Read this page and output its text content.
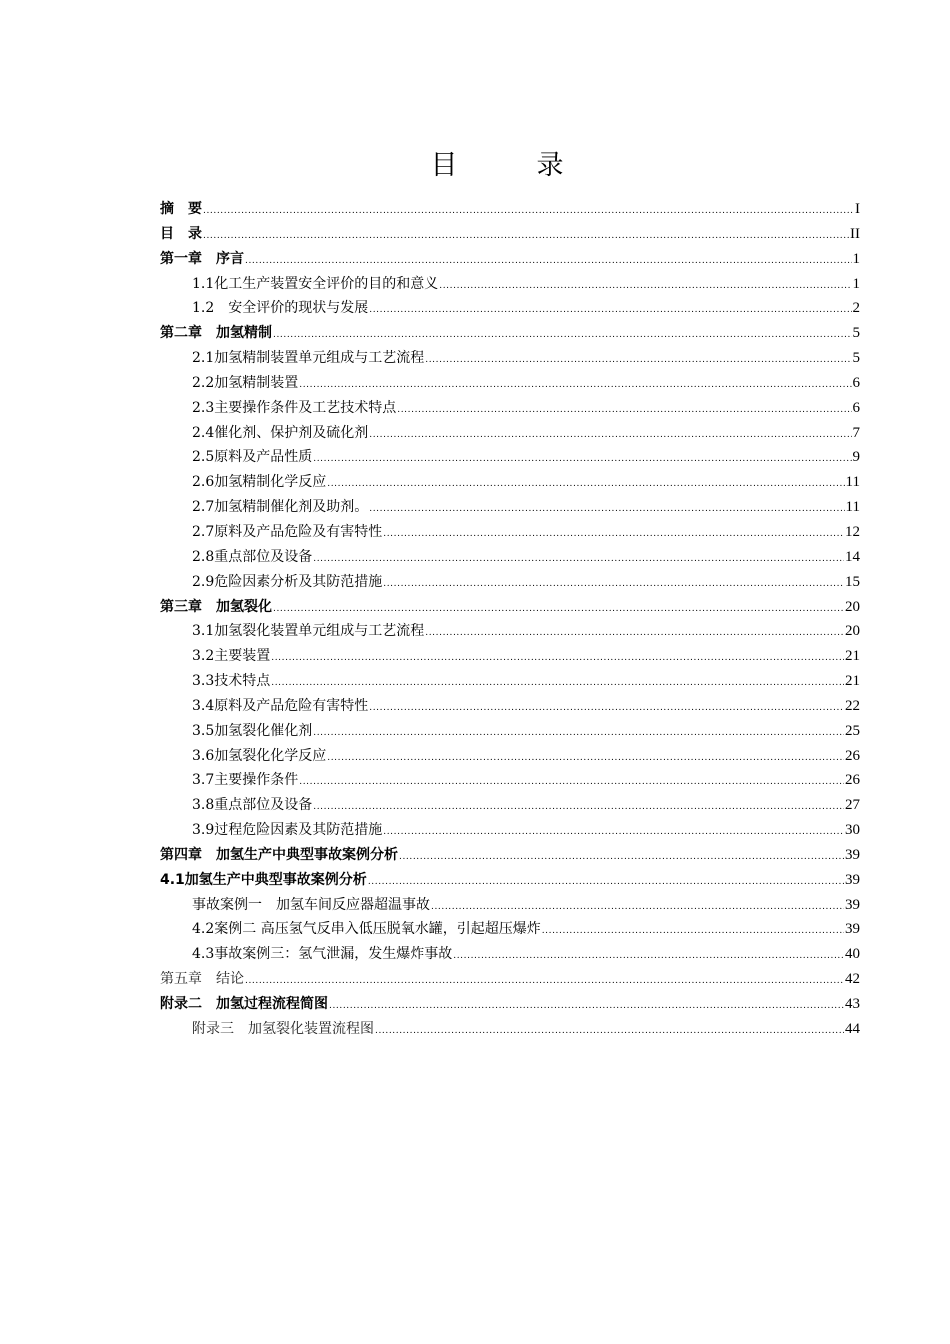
目　录
摘　要 .....	I
目　录 .....	II
第一章　序言 .....	1
1.1化工生产装置安全评价的目的和意义 .....	1
1.2　安全评价的现状与发展 .....	2
第二章　加氢精制 .....	5
2.1加氢精制装置单元组成与工艺流程 .....	5
2.2加氢精制装置 .....	6
2.3主要操作条件及工艺技术特点 .....	6
2.4催化剂、保护剂及硫化剂 .....	7
2.5原料及产品性质 .....	9
2.6加氢精制化学反应 .....	11
2.7加氢精制催化剂及助剂。 .....	11
2.7原料及产品危险及有害特性 .....	12
2.8重点部位及设备 .....	14
2.9危险因素分析及其防范措施 .....	15
第三章　加氢裂化 .....	20
3.1加氢裂化装置单元组成与工艺流程 .....	20
3.2主要装置 .....	21
3.3技术特点 .....	21
3.4原料及产品危险有害特性 .....	22
3.5加氢裂化催化剂 .....	25
3.6加氢裂化化学反应 .....	26
3.7主要操作条件 .....	26
3.8重点部位及设备 .....	27
3.9过程危险因素及其防范措施 .....	30
第四章　加氢生产中典型事故案例分析 .....	39
4.1加氢生产中典型事故案例分析 .....	39
事故案例一　加氢车间反应器超温事故 .....	39
4.2案例二 高压氢气反串入低压脱氧水罐，引起超压爆炸 .....	39
4.3事故案例三：氢气泄漏，发生爆炸事故 .....	40
第五章　结论 .....	42
附录二　加氢过程流程简图 .....	43
附录三　加氢裂化装置流程图 .....	44
